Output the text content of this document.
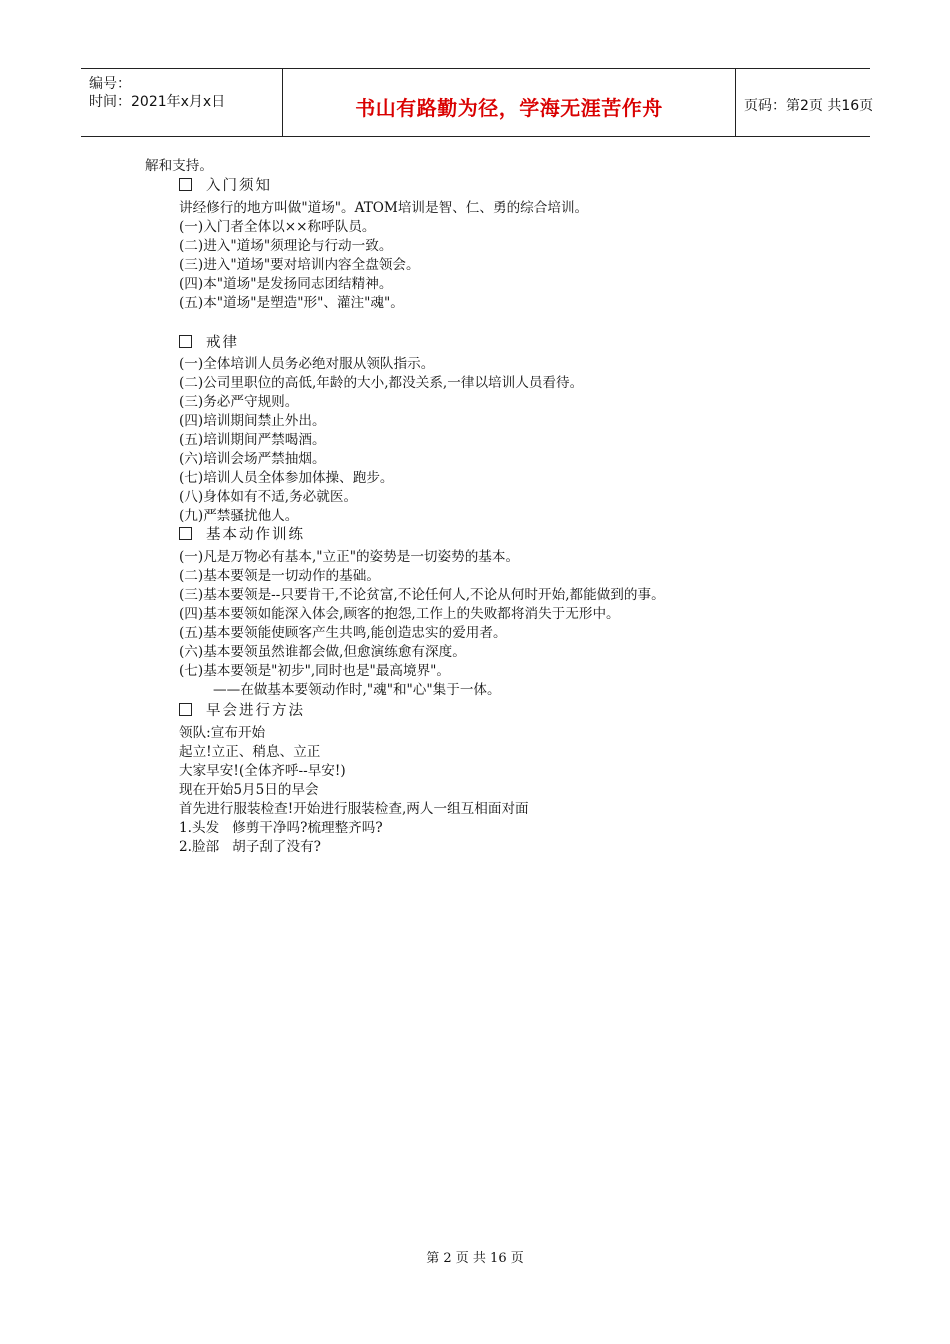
编号：
时间：2021年x月x日	书山有路勤为径，学海无涯苦作舟	页码：第2页 共16页
解和支持。
入门须知
讲经修行的地方叫做"道场"。ATOM培训是智、仁、勇的综合培训。
(一)入门者全体以××称呼队员。
(二)进入"道场"须理论与行动一致。
(三)进入"道场"要对培训内容全盘领会。
(四)本"道场"是发扬同志团结精神。
(五)本"道场"是塑造"形"、灌注"魂"。
戒律
(一)全体培训人员务必绝对服从领队指示。
(二)公司里职位的高低,年龄的大小,都没关系,一律以培训人员看待。
(三)务必严守规则。
(四)培训期间禁止外出。
(五)培训期间严禁喝酒。
(六)培训会场严禁抽烟。
(七)培训人员全体参加体操、跑步。
(八)身体如有不适,务必就医。
(九)严禁骚扰他人。
基本动作训练
(一)凡是万物必有基本,"立正"的姿势是一切姿势的基本。
(二)基本要领是一切动作的基础。
(三)基本要领是--只要肯干,不论贫富,不论任何人,不论从何时开始,都能做到的事。
(四)基本要领如能深入体会,顾客的抱怨,工作上的失败都将消失于无形中。
(五)基本要领能使顾客产生共鸣,能创造忠实的爱用者。
(六)基本要领虽然谁都会做,但愈演练愈有深度。
(七)基本要领是"初步",同时也是"最高境界"。
——在做基本要领动作时,"魂"和"心"集于一体。
早会进行方法
领队:宣布开始
起立!立正、稍息、立正
大家早安!(全体齐呼--早安!)
现在开始5月5日的早会
首先进行服装检查!开始进行服装检查,两人一组互相面对面
1.头发   修剪干净吗?梳理整齐吗?
2.脸部   胡子刮了没有?
第 2 页 共 16 页
